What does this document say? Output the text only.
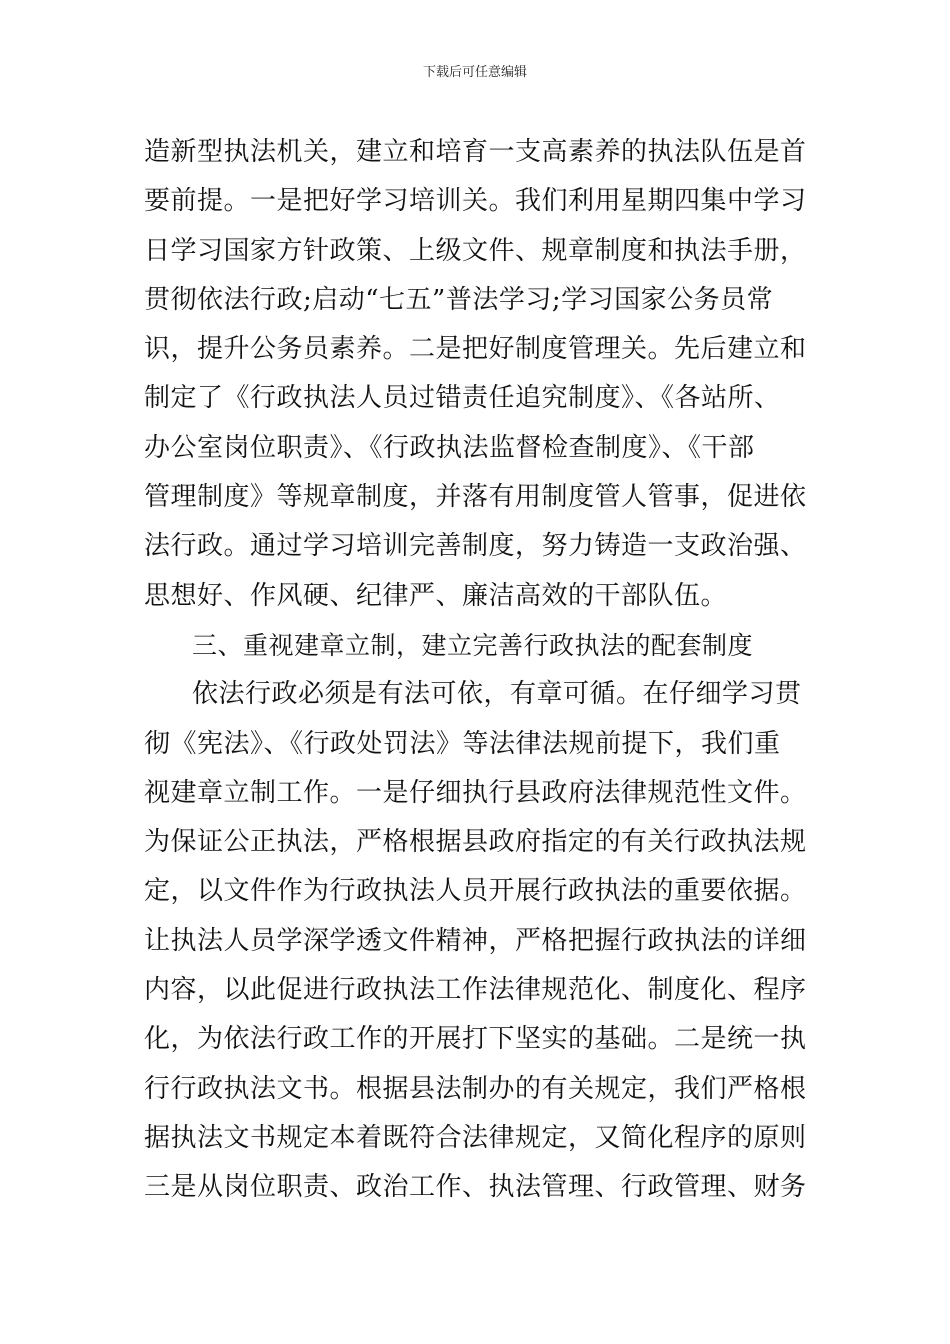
下载后可任意编辑
造新型执法机关，建立和培育一支高素养的执法队伍是首
要前提。一是把好学习培训关。我们利用星期四集中学习
日学习国家方针政策、上级文件、规章制度和执法手册，
贯彻依法行政;启动“七五”普法学习;学习国家公务员常
识，提升公务员素养。二是把好制度管理关。先后建立和
制定了《行政执法人员过错责任追究制度》、《各站所、
办公室岗位职责》、《行政执法监督检查制度》、《干部
管理制度》等规章制度，并落有用制度管人管事，促进依
法行政。通过学习培训完善制度，努力铸造一支政治强、
思想好、作风硬、纪律严、廉洁高效的干部队伍。
三、重视建章立制，建立完善行政执法的配套制度
依法行政必须是有法可依，有章可循。在仔细学习贯
彻《宪法》、《行政处罚法》等法律法规前提下，我们重
视建章立制工作。一是仔细执行县政府法律规范性文件。
为保证公正执法，严格根据县政府指定的有关行政执法规
定，以文件作为行政执法人员开展行政执法的重要依据。
让执法人员学深学透文件精神，严格把握行政执法的详细
内容，以此促进行政执法工作法律规范化、制度化、程序
化，为依法行政工作的开展打下坚实的基础。二是统一执
行行政执法文书。根据县法制办的有关规定，我们严格根
据执法文书规定本着既符合法律规定，又简化程序的原则
三是从岗位职责、政治工作、执法管理、行政管理、财务
